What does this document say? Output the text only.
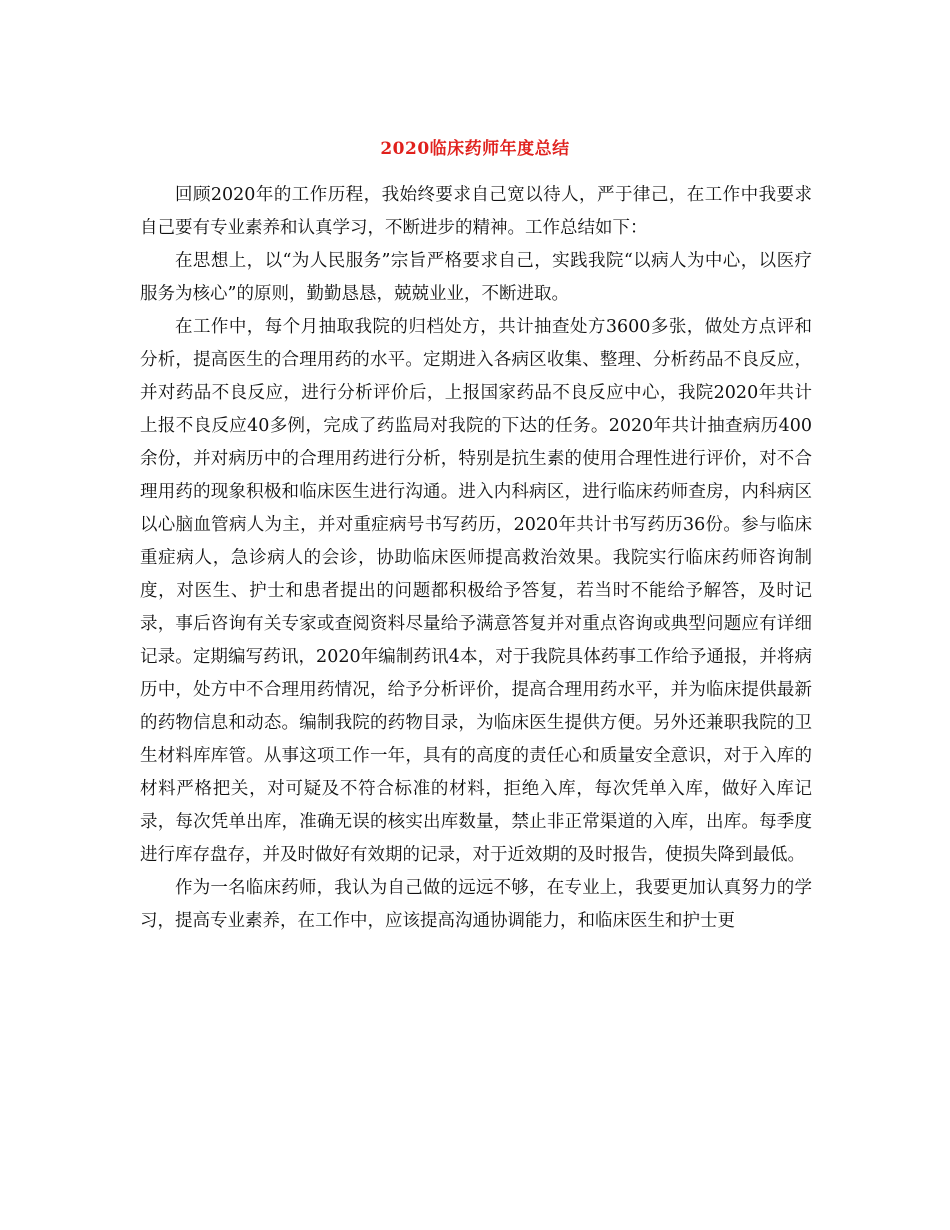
2020临床药师年度总结

回顾2020年的工作历程，我始终要求自己宽以待人，严于律己，在工作中我要求自己要有专业素养和认真学习，不断进步的精神。工作总结如下：

在思想上，以“为人民服务”宗旨严格要求自己，实践我院“以病人为中心，以医疗服务为核心”的原则，勤勤恳恳，兢兢业业，不断进取。

在工作中，每个月抽取我院的归档处方，共计抽查处方3600多张，做处方点评和分析，提高医生的合理用药的水平。定期进入各病区收集、整理、分析药品不良反应，并对药品不良反应，进行分析评价后，上报国家药品不良反应中心，我院2020年共计上报不良反应40多例，完成了药监局对我院的下达的任务。2020年共计抽查病历400余份，并对病历中的合理用药进行分析，特别是抗生素的使用合理性进行评价，对不合理用药的现象积极和临床医生进行沟通。进入内科病区，进行临床药师查房，内科病区以心脑血管病人为主，并对重症病号书写药历，2020年共计书写药历36份。参与临床重症病人，急诊病人的会诊，协助临床医师提高救治效果。我院实行临床药师咨询制度，对医生、护士和患者提出的问题都积极给予答复，若当时不能给予解答，及时记录，事后咨询有关专家或查阅资料尽量给予满意答复并对重点咨询或典型问题应有详细记录。定期编写药讯，2020年编制药讯4本，对于我院具体药事工作给予通报，并将病历中，处方中不合理用药情况，给予分析评价，提高合理用药水平，并为临床提供最新的药物信息和动态。编制我院的药物目录，为临床医生提供方便。另外还兼职我院的卫生材料库库管。从事这项工作一年，具有的高度的责任心和质量安全意识，对于入库的材料严格把关，对可疑及不符合标准的材料，拒绝入库，每次凭单入库，做好入库记录，每次凭单出库，准确无误的核实出库数量，禁止非正常渠道的入库，出库。每季度进行库存盘存，并及时做好有效期的记录，对于近效期的及时报告，使损失降到最低。

作为一名临床药师，我认为自己做的远远不够，在专业上，我要更加认真努力的学习，提高专业素养，在工作中，应该提高沟通协调能力，和临床医生和护士更
